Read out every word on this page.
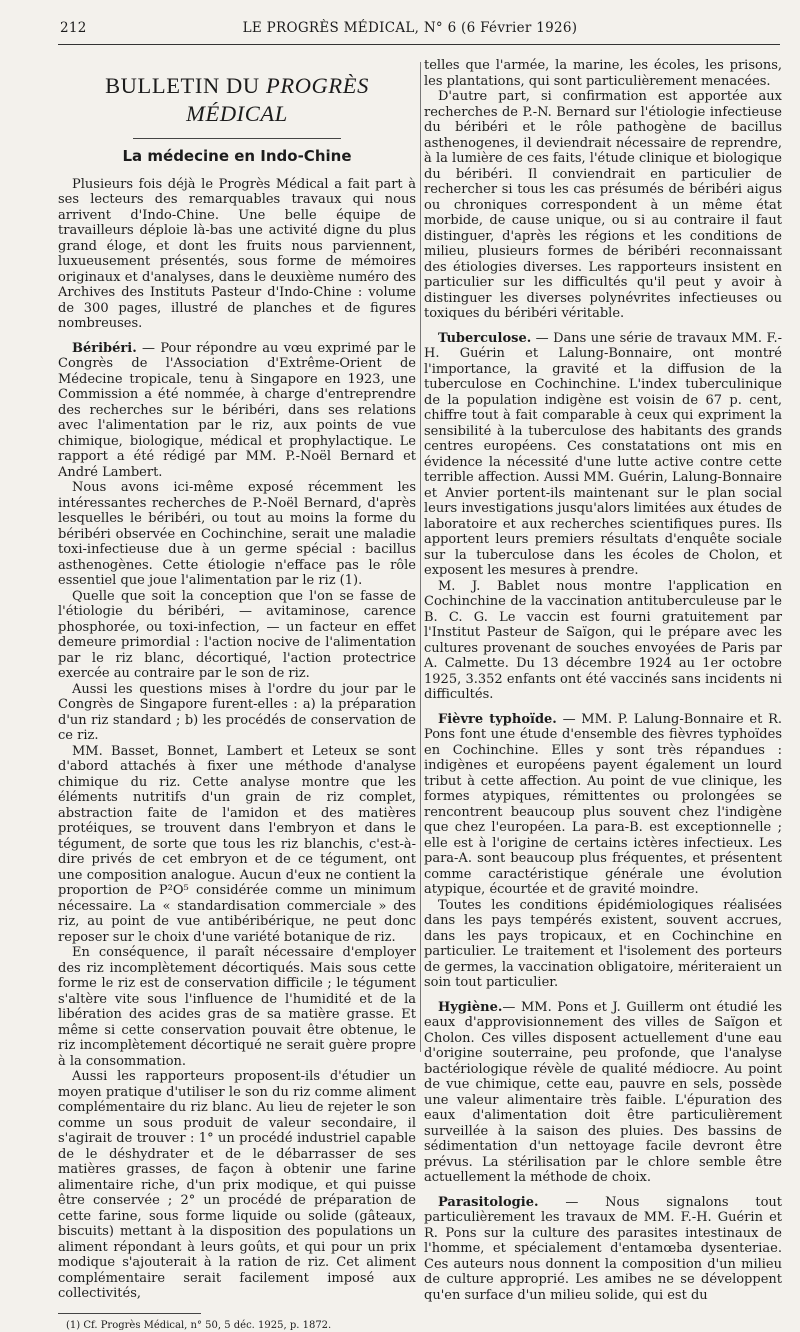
212	LE PROGRÈS MÉDICAL, N° 6 (6 Février 1926)
BULLETIN DU PROGRÈS MÉDICAL
La médecine en Indo-Chine

Plusieurs fois déjà le Progrès Médical a fait part à ses lecteurs des remarquables travaux qui nous arrivent d'Indo-Chine. Une belle équipe de travailleurs déploie là-bas une activité digne du plus grand éloge, et dont les fruits nous parviennent, luxueusement présentés, sous forme de mémoires originaux et d'analyses, dans le deuxième numéro des Archives des Instituts Pasteur d'Indo-Chine : volume de 300 pages, illustré de planches et de figures nombreuses.

Béribéri. — Pour répondre au vœu exprimé par le Congrès de l'Association d'Extrême-Orient de Médecine tropicale, tenu à Singapore en 1923, une Commission a été nommée, à charge d'entreprendre des recherches sur le béribéri, dans ses relations avec l'alimentation par le riz, aux points de vue chimique, biologique, médical et prophylactique. Le rapport a été rédigé par MM. P.-Noël Bernard et André Lambert.

Nous avons ici-même exposé récemment les intéressantes recherches de P.-Noël Bernard, d'après lesquelles le béribéri, ou tout au moins la forme du béribéri observée en Cochinchine, serait une maladie toxi-infectieuse due à un germe spécial : bacillus asthenogènes. Cette étiologie n'efface pas le rôle essentiel que joue l'alimentation par le riz (1).

Quelle que soit la conception que l'on se fasse de l'étiologie du béribéri, — avitaminose, carence phosphorée, ou toxi-infection, — un facteur en effet demeure primordial : l'action nocive de l'alimentation par le riz blanc, décortiqué, l'action protectrice exercée au contraire par le son de riz.

Aussi les questions mises à l'ordre du jour par le Congrès de Singapore furent-elles : a) la préparation d'un riz standard ; b) les procédés de conservation de ce riz.

MM. Basset, Bonnet, Lambert et Leteux se sont d'abord attachés à fixer une méthode d'analyse chimique du riz. Cette analyse montre que les éléments nutritifs d'un grain de riz complet, abstraction faite de l'amidon et des matières protéiques, se trouvent dans l'embryon et dans le tégument, de sorte que tous les riz blanchis, c'est-à-dire privés de cet embryon et de ce tégument, ont une composition analogue. Aucun d'eux ne contient la proportion de P²O⁵ considérée comme un minimum nécessaire. La « standardisation commerciale » des riz, au point de vue antibéribérique, ne peut donc reposer sur le choix d'une variété botanique de riz.

En conséquence, il paraît nécessaire d'employer des riz incomplètement décortiqués. Mais sous cette forme le riz est de conservation difficile ; le tégument s'altère vite sous l'influence de l'humidité et de la libération des acides gras de sa matière grasse. Et même si cette conservation pouvait être obtenue, le riz incomplètement décortiqué ne serait guère propre à la consommation.

Aussi les rapporteurs proposent-ils d'étudier un moyen pratique d'utiliser le son du riz comme aliment complémentaire du riz blanc. Au lieu de rejeter le son comme un sous produit de valeur secondaire, il s'agirait de trouver : 1° un procédé industriel capable de le déshydrater et de le débarrasser de ses matières grasses, de façon à obtenir une farine alimentaire riche, d'un prix modique, et qui puisse être conservée ; 2° un procédé de préparation de cette farine, sous forme liquide ou solide (gâteaux, biscuits) mettant à la disposition des populations un aliment répondant à leurs goûts, et qui pour un prix modique s'ajouterait à la ration de riz. Cet aliment complémentaire serait facilement imposé aux collectivités,

(1) Cf. Progrès Médical, n° 50, 5 déc. 1925, p. 1872.

telles que l'armée, la marine, les écoles, les prisons, les plantations, qui sont particulièrement menacées.

D'autre part, si confirmation est apportée aux recherches de P.-N. Bernard sur l'étiologie infectieuse du béribéri et le rôle pathogène de bacillus asthenogenes, il deviendrait nécessaire de reprendre, à la lumière de ces faits, l'étude clinique et biologique du béribéri. Il conviendrait en particulier de rechercher si tous les cas présumés de béribéri aigus ou chroniques correspondent à un même état morbide, de cause unique, ou si au contraire il faut distinguer, d'après les régions et les conditions de milieu, plusieurs formes de béribéri reconnaissant des étiologies diverses. Les rapporteurs insistent en particulier sur les difficultés qu'il peut y avoir à distinguer les diverses polynévrites infectieuses ou toxiques du béribéri véritable.

Tuberculose. — Dans une série de travaux MM. F.-H. Guérin et Lalung-Bonnaire, ont montré l'importance, la gravité et la diffusion de la tuberculose en Cochinchine. L'index tuberculinique de la population indigène est voisin de 67 p. cent, chiffre tout à fait comparable à ceux qui expriment la sensibilité à la tuberculose des habitants des grands centres européens. Ces constatations ont mis en évidence la nécessité d'une lutte active contre cette terrible affection. Aussi MM. Guérin, Lalung-Bonnaire et Anvier portent-ils maintenant sur le plan social leurs investigations jusqu'alors limitées aux études de laboratoire et aux recherches scientifiques pures. Ils apportent leurs premiers résultats d'enquête sociale sur la tuberculose dans les écoles de Cholon, et exposent les mesures à prendre.

M. J. Bablet nous montre l'application en Cochinchine de la vaccination antituberculeuse par le B. C. G. Le vaccin est fourni gratuitement par l'Institut Pasteur de Saïgon, qui le prépare avec les cultures provenant de souches envoyées de Paris par A. Calmette. Du 13 décembre 1924 au 1er octobre 1925, 3.352 enfants ont été vaccinés sans incidents ni difficultés.

Fièvre typhoïde. — MM. P. Lalung-Bonnaire et R. Pons font une étude d'ensemble des fièvres typhoïdes en Cochinchine. Elles y sont très répandues : indigènes et européens payent également un lourd tribut à cette affection. Au point de vue clinique, les formes atypiques, rémittentes ou prolongées se rencontrent beaucoup plus souvent chez l'indigène que chez l'européen. La para-B. est exceptionnelle ; elle est à l'origine de certains ictères infectieux. Les para-A. sont beaucoup plus fréquentes, et présentent comme caractéristique générale une évolution atypique, écourtée et de gravité moindre.

Toutes les conditions épidémiologiques réalisées dans les pays tempérés existent, souvent accrues, dans les pays tropicaux, et en Cochinchine en particulier. Le traitement et l'isolement des porteurs de germes, la vaccination obligatoire, mériteraient un soin tout particulier.

Hygiène.— MM. Pons et J. Guillerm ont étudié les eaux d'approvisionnement des villes de Saïgon et Cholon. Ces villes disposent actuellement d'une eau d'origine souterraine, peu profonde, que l'analyse bactériologique révèle de qualité médiocre. Au point de vue chimique, cette eau, pauvre en sels, possède une valeur alimentaire très faible. L'épuration des eaux d'alimentation doit être particulièrement surveillée à la saison des pluies. Des bassins de sédimentation d'un nettoyage facile devront être prévus. La stérilisation par le chlore semble être actuellement la méthode de choix.

Parasitologie. — Nous signalons tout particulièrement les travaux de MM. F.-H. Guérin et R. Pons sur la culture des parasites intestinaux de l'homme, et spécialement d'entamœba dysenteriae. Ces auteurs nous donnent la composition d'un milieu de culture approprié. Les amibes ne se développent qu'en surface d'un milieu solide, qui est du
